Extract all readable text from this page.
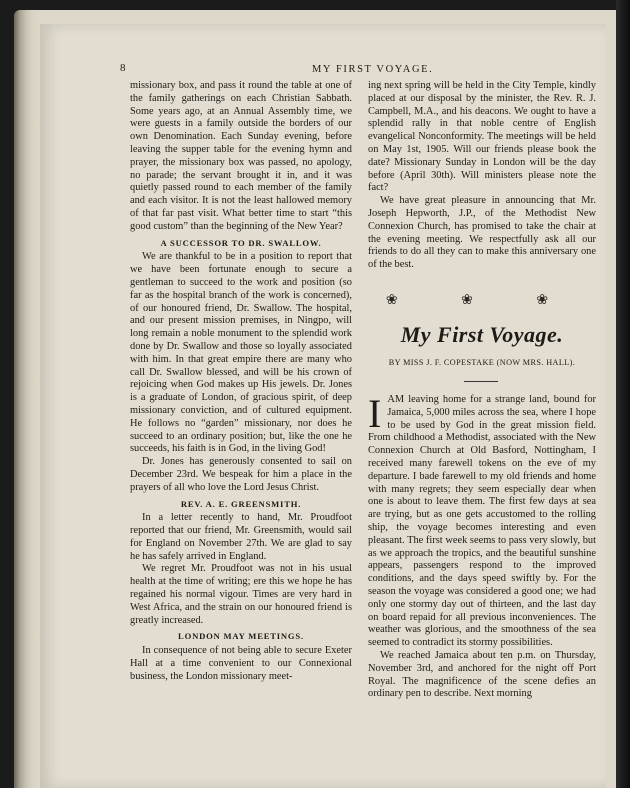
8	MY FIRST VOYAGE.

missionary box, and pass it round the table at one of the family gatherings on each Christian Sabbath. Some years ago, at an Annual Assembly time, we were guests in a family outside the borders of our own Denomination. Each Sunday evening, before leaving the supper table for the evening hymn and prayer, the missionary box was passed, no apology, no parade; the servant brought it in, and it was quietly passed round to each member of the family and each visitor. It is not the least hallowed memory of that far past visit. What better time to start “this good custom” than the beginning of the New Year?

A SUCCESSOR TO DR. SWALLOW.

We are thankful to be in a position to report that we have been fortunate enough to secure a gentleman to succeed to the work and position (so far as the hospital branch of the work is concerned), of our honoured friend, Dr. Swallow. The hospital, and our present mission premises, in Ningpo, will long remain a noble monument to the splendid work done by Dr. Swallow and those so loyally associated with him. In that great empire there are many who call Dr. Swallow blessed, and will be his crown of rejoicing when God makes up His jewels. Dr. Jones is a graduate of London, of gracious spirit, of deep missionary conviction, and of cultured equipment. He follows no “garden” missionary, nor does he succeed to an ordinary position; but, like the one he succeeds, his faith is in God, in the living God!

Dr. Jones has generously consented to sail on December 23rd. We bespeak for him a place in the prayers of all who love the Lord Jesus Christ.

REV. A. E. GREENSMITH.

In a letter recently to hand, Mr. Proudfoot reported that our friend, Mr. Greensmith, would sail for England on November 27th. We are glad to say he has safely arrived in England.

We regret Mr. Proudfoot was not in his usual health at the time of writing; ere this we hope he has regained his normal vigour. Times are very hard in West Africa, and the strain on our honoured friend is greatly increased.

LONDON MAY MEETINGS.

In consequence of not being able to secure Exeter Hall at a time convenient to our Connexional business, the London missionary meet-

ing next spring will be held in the City Temple, kindly placed at our disposal by the minister, the Rev. R. J. Campbell, M.A., and his deacons. We ought to have a splendid rally in that noble centre of English evangelical Nonconformity. The meetings will be held on May 1st, 1905. Will our friends please book the date? Missionary Sunday in London will be the day before (April 30th). Will ministers please note the fact?

We have great pleasure in announcing that Mr. Joseph Hepworth, J.P., of the Methodist New Connexion Church, has promised to take the chair at the evening meeting. We respectfully ask all our friends to do all they can to make this anniversary one of the best.

❀ ❀ ❀
My First Voyage.
BY MISS J. F. COPESTAKE (NOW MRS. HALL).

I AM leaving home for a strange land, bound for Jamaica, 5,000 miles across the sea, where I hope to be used by God in the great mission field. From childhood a Methodist, associated with the New Connexion Church at Old Basford, Nottingham, I received many farewell tokens on the eve of my departure. I bade farewell to my old friends and home with many regrets; they seem especially dear when one is about to leave them. The first few days at sea are trying, but as one gets accustomed to the rolling ship, the voyage becomes interesting and even pleasant. The first week seems to pass very slowly, but as we approach the tropics, and the beautiful sunshine appears, passengers respond to the improved conditions, and the days speed swiftly by. For the season the voyage was considered a good one; we had only one stormy day out of thirteen, and the last day on board repaid for all previous inconveniences. The weather was glorious, and the smoothness of the sea seemed to contradict its stormy possibilities.

We reached Jamaica about ten p.m. on Thursday, November 3rd, and anchored for the night off Port Royal. The magnificence of the scene defies an ordinary pen to describe. Next morning
